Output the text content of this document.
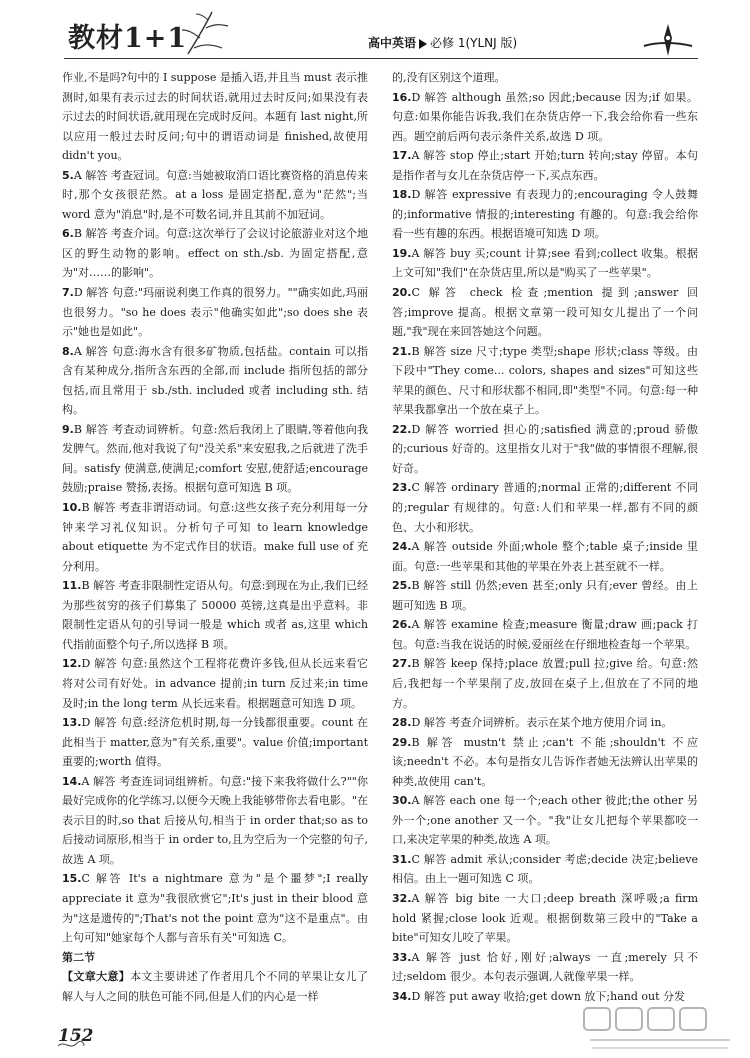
教材1+1	高中英语 必修 1(YLNJ 版)

作业,不是吗?句中的 I suppose 是插入语,并且当 must 表示推测时,如果有表示过去的时间状语,就用过去时反问;如果没有表示过去的时间状语,就用现在完成时反问。本题有 last night,所以应用一般过去时反问;句中的谓语动词是 finished,故使用 didn't you。

5.A 解答 考查冠词。句意:当她被取消口语比赛资格的消息传来时,那个女孩很茫然。at a loss 是固定搭配,意为"茫然";当 word 意为"消息"时,是不可数名词,并且其前不加冠词。

6.B 解答 考查介词。句意:这次举行了会议讨论旅游业对这个地区的野生动物的影响。effect on sth./sb. 为固定搭配,意为"对……的影响"。

7.D 解答 句意:"玛丽说利奥工作真的很努力。""确实如此,玛丽也很努力。"so he does 表示"他确实如此";so does she 表示"她也是如此"。

8.A 解答 句意:海水含有很多矿物质,包括盐。contain 可以指含有某种成分,指所含东西的全部,而 include 指所包括的部分包括,而且常用于 sb./sth. included 或者 including sth. 结构。

9.B 解答 考查动词辨析。句意:然后我闭上了眼睛,等着他向我发脾气。然而,他对我说了句"没关系"来安慰我,之后就进了洗手间。satisfy 使满意,使满足;comfort 安慰,使舒适;encourage 鼓励;praise 赞扬,表扬。根据句意可知选 B 项。

10.B 解答 考查非谓语动词。句意:这些女孩子充分利用每一分钟来学习礼仪知识。分析句子可知 to learn knowledge about etiquette 为不定式作目的状语。make full use of 充分利用。

11.B 解答 考查非限制性定语从句。句意:到现在为止,我们已经为那些贫穷的孩子们募集了 50000 英镑,这真是出乎意料。非限制性定语从句的引导词一般是 which 或者 as,这里 which 代指前面整个句子,所以选择 B 项。

12.D 解答 句意:虽然这个工程将花费许多钱,但从长远来看它将对公司有好处。in advance 提前;in turn 反过来;in time 及时;in the long term 从长远来看。根据题意可知选 D 项。

13.D 解答 句意:经济危机时期,每一分钱都很重要。count 在此相当于 matter,意为"有关系,重要"。value 价值;important 重要的;worth 值得。

14.A 解答 考查连词词组辨析。句意:"接下来我将做什么?""你最好完成你的化学练习,以便今天晚上我能够带你去看电影。"在表示目的时,so that 后接从句,相当于 in order that;so as to 后接动词原形,相当于 in order to,且为空后为一个完整的句子,故选 A 项。

15.C 解答 It's a nightmare 意为"是个噩梦";I really appreciate it 意为"我很欣赏它";It's just in their blood 意为"这是遗传的";That's not the point 意为"这不是重点"。由上句可知"她家每个人都与音乐有关"可知选 C。

第二节

【文章大意】本文主要讲述了作者用几个不同的苹果让女儿了解人与人之间的肤色可能不同,但是人们的内心是一样

的,没有区别这个道理。

16.D 解答 although 虽然;so 因此;because 因为;if 如果。句意:如果你能告诉我,我们在杂货店停一下,我会给你看一些东西。题空前后两句表示条件关系,故选 D 项。

17.A 解答 stop 停止;start 开始;turn 转向;stay 停留。本句是指作者与女儿在杂货店停一下,买点东西。

18.D 解答 expressive 有表现力的;encouraging 令人鼓舞的;informative 情报的;interesting 有趣的。句意:我会给你看一些有趣的东西。根据语境可知选 D 项。

19.A 解答 buy 买;count 计算;see 看到;collect 收集。根据上文可知"我们"在杂货店里,所以是"购买了一些苹果"。

20.C 解答 check 检查;mention 提到;answer 回答;improve 提高。根据文章第一段可知女儿提出了一个问题,"我"现在来回答她这个问题。

21.B 解答 size 尺寸;type 类型;shape 形状;class 等级。由下段中"They come... colors, shapes and sizes"可知这些苹果的颜色、尺寸和形状都不相同,即"类型"不同。句意:每一种苹果我都拿出一个放在桌子上。

22.D 解答 worried 担心的;satisfied 满意的;proud 骄傲的;curious 好奇的。这里指女儿对于"我"做的事情很不理解,很好奇。

23.C 解答 ordinary 普通的;normal 正常的;different 不同的;regular 有规律的。句意:人们和苹果一样,都有不同的颜色、大小和形状。

24.A 解答 outside 外面;whole 整个;table 桌子;inside 里面。句意:一些苹果和其他的苹果在外表上甚至就不一样。

25.B 解答 still 仍然;even 甚至;only 只有;ever 曾经。由上题可知选 B 项。

26.A 解答 examine 检查;measure 衡量;draw 画;pack 打包。句意:当我在说话的时候,爱丽丝在仔细地检查每一个苹果。

27.B 解答 keep 保持;place 放置;pull 拉;give 给。句意:然后,我把每一个苹果削了皮,放回在桌子上,但放在了不同的地方。

28.D 解答 考查介词辨析。表示在某个地方使用介词 in。

29.B 解答 mustn't 禁止;can't 不能;shouldn't 不应该;needn't 不必。本句是指女儿告诉作者她无法辨认出苹果的种类,故使用 can't。

30.A 解答 each one 每一个;each other 彼此;the other 另外一个;one another 又一个。"我"让女儿把每个苹果都咬一口,来决定苹果的种类,故选 A 项。

31.C 解答 admit 承认;consider 考虑;decide 决定;believe 相信。由上一题可知选 C 项。

32.A 解答 big bite 一大口;deep breath 深呼吸;a firm hold 紧握;close look 近观。根据倒数第三段中的"Take a bite"可知女儿咬了苹果。

33.A 解答 just 恰好,刚好;always 一直;merely 只不过;seldom 很少。本句表示强调,人就像苹果一样。

34.D 解答 put away 收拾;get down 放下;hand out 分发

152
